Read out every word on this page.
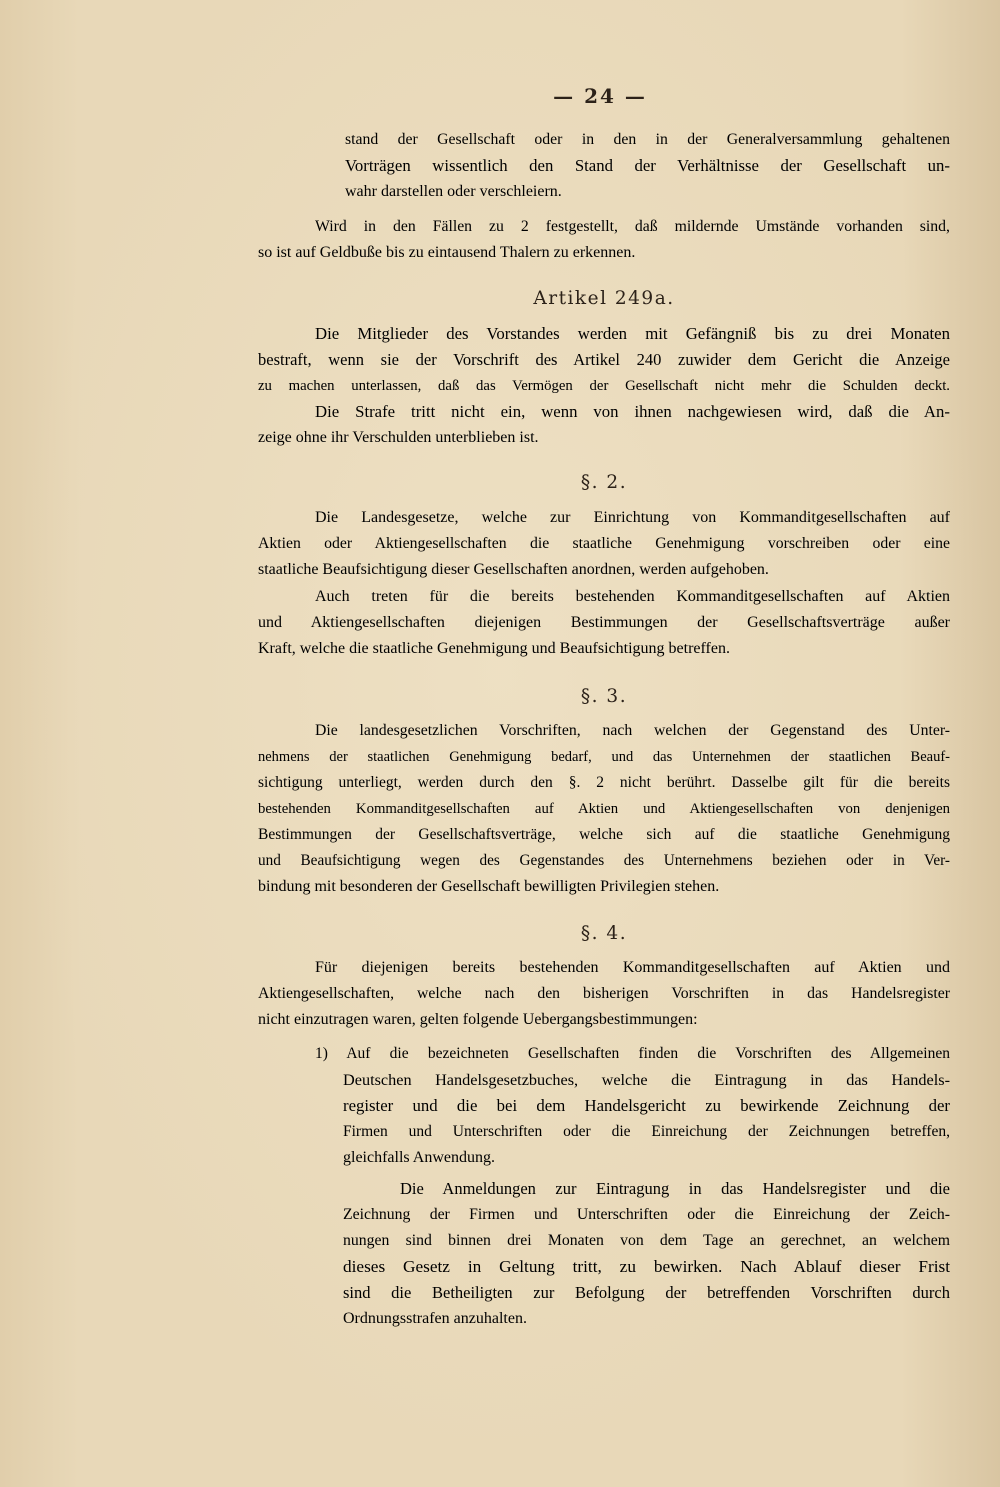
— 24 —
stand der Gesellschaft oder in den in der Generalversammlung gehaltenen
Vorträgen wissentlich den Stand der Verhältnisse der Gesellschaft un-
wahr darstellen oder verschleiern.
Wird in den Fällen zu 2 festgestellt, daß mildernde Umstände vorhanden sind,
so ist auf Geldbuße bis zu eintausend Thalern zu erkennen.
Artikel 249a.
Die Mitglieder des Vorstandes werden mit Gefängniß bis zu drei Monaten
bestraft, wenn sie der Vorschrift des Artikel 240 zuwider dem Gericht die Anzeige
zu machen unterlassen, daß das Vermögen der Gesellschaft nicht mehr die Schulden deckt.
Die Strafe tritt nicht ein, wenn von ihnen nachgewiesen wird, daß die An-
zeige ohne ihr Verschulden unterblieben ist.
§. 2.
Die Landesgesetze, welche zur Einrichtung von Kommanditgesellschaften auf
Aktien oder Aktiengesellschaften die staatliche Genehmigung vorschreiben oder eine
staatliche Beaufsichtigung dieser Gesellschaften anordnen, werden aufgehoben.
Auch treten für die bereits bestehenden Kommanditgesellschaften auf Aktien
und Aktiengesellschaften diejenigen Bestimmungen der Gesellschaftsverträge außer
Kraft, welche die staatliche Genehmigung und Beaufsichtigung betreffen.
§. 3.
Die landesgesetzlichen Vorschriften, nach welchen der Gegenstand des Unter-
nehmens der staatlichen Genehmigung bedarf, und das Unternehmen der staatlichen Beauf-
sichtigung unterliegt, werden durch den §. 2 nicht berührt. Dasselbe gilt für die bereits
bestehenden Kommanditgesellschaften auf Aktien und Aktiengesellschaften von denjenigen
Bestimmungen der Gesellschaftsverträge, welche sich auf die staatliche Genehmigung
und Beaufsichtigung wegen des Gegenstandes des Unternehmens beziehen oder in Ver-
bindung mit besonderen der Gesellschaft bewilligten Privilegien stehen.
§. 4.
Für diejenigen bereits bestehenden Kommanditgesellschaften auf Aktien und
Aktiengesellschaften, welche nach den bisherigen Vorschriften in das Handelsregister
nicht einzutragen waren, gelten folgende Uebergangsbestimmungen:
1) Auf die bezeichneten Gesellschaften finden die Vorschriften des Allgemeinen
Deutschen Handelsgesetzbuches, welche die Eintragung in das Handels-
register und die bei dem Handelsgericht zu bewirkende Zeichnung der
Firmen und Unterschriften oder die Einreichung der Zeichnungen betreffen,
gleichfalls Anwendung.
Die Anmeldungen zur Eintragung in das Handelsregister und die
Zeichnung der Firmen und Unterschriften oder die Einreichung der Zeich-
nungen sind binnen drei Monaten von dem Tage an gerechnet, an welchem
dieses Gesetz in Geltung tritt, zu bewirken. Nach Ablauf dieser Frist
sind die Betheiligten zur Befolgung der betreffenden Vorschriften durch
Ordnungsstrafen anzuhalten.
